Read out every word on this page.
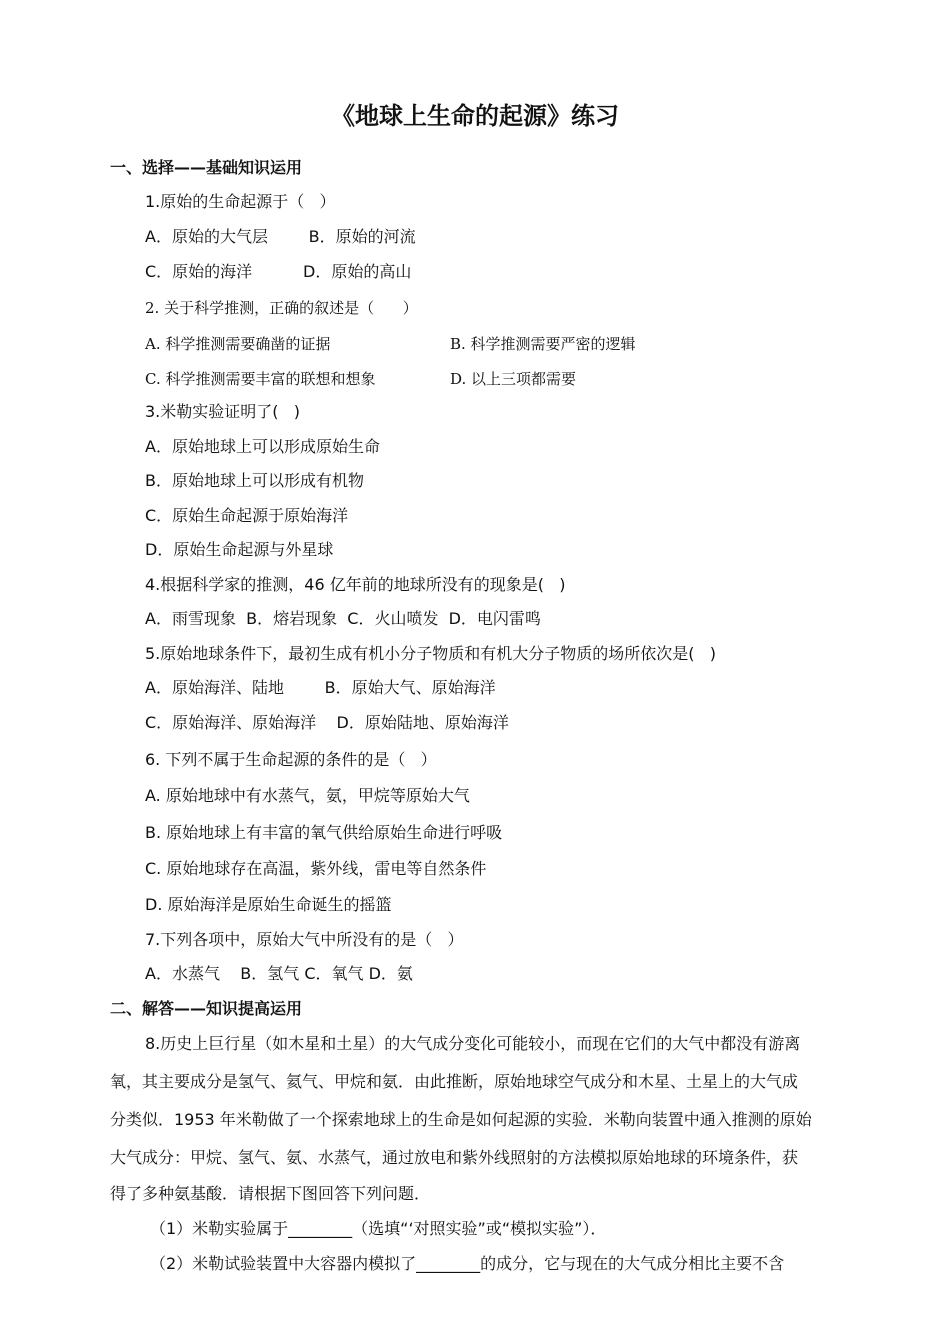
《地球上生命的起源》练习
一、选择——基础知识运用
1.原始的生命起源于（   ）
A．原始的大气层        B．原始的河流
C．原始的海洋          D．原始的高山
2. 关于科学推测，正确的叙述是（      ）
A. 科学推测需要确凿的证据	B. 科学推测需要严密的逻辑
C. 科学推测需要丰富的联想和想象	D. 以上三项都需要
3.米勒实验证明了(   )
A．原始地球上可以形成原始生命
B．原始地球上可以形成有机物
C．原始生命起源于原始海洋
D．原始生命起源与外星球
4.根据科学家的推测，46 亿年前的地球所没有的现象是(   )
A．雨雪现象  B．熔岩现象  C．火山喷发  D．电闪雷鸣
5.原始地球条件下，最初生成有机小分子物质和有机大分子物质的场所依次是(   )
A．原始海洋、陆地        B．原始大气、原始海洋
C．原始海洋、原始海洋    D．原始陆地、原始海洋
6. 下列不属于生命起源的条件的是（   ）
A. 原始地球中有水蒸气，氨，甲烷等原始大气
B. 原始地球上有丰富的氧气供给原始生命进行呼吸
C. 原始地球存在高温，紫外线，雷电等自然条件
D. 原始海洋是原始生命诞生的摇篮
7.下列各项中，原始大气中所没有的是（   ）
A．水蒸气    B．氢气 C．氧气 D．氨
二、解答——知识提高运用
8.历史上巨行星（如木星和土星）的大气成分变化可能较小，而现在它们的大气中都没有游离
氧，其主要成分是氢气、氦气、甲烷和氨．由此推断，原始地球空气成分和木星、土星上的大气成
分类似．1953 年米勒做了一个探索地球上的生命是如何起源的实验．米勒向装置中通入推测的原始
大气成分：甲烷、氢气、氨、水蒸气，通过放电和紫外线照射的方法模拟原始地球的环境条件，获
得了多种氨基酸．请根据下图回答下列问题．
（1）米勒实验属于________（选填“‘对照实验”或“模拟实验”）．
（2）米勒试验装置中大容器内模拟了________的成分，它与现在的大气成分相比主要不含
